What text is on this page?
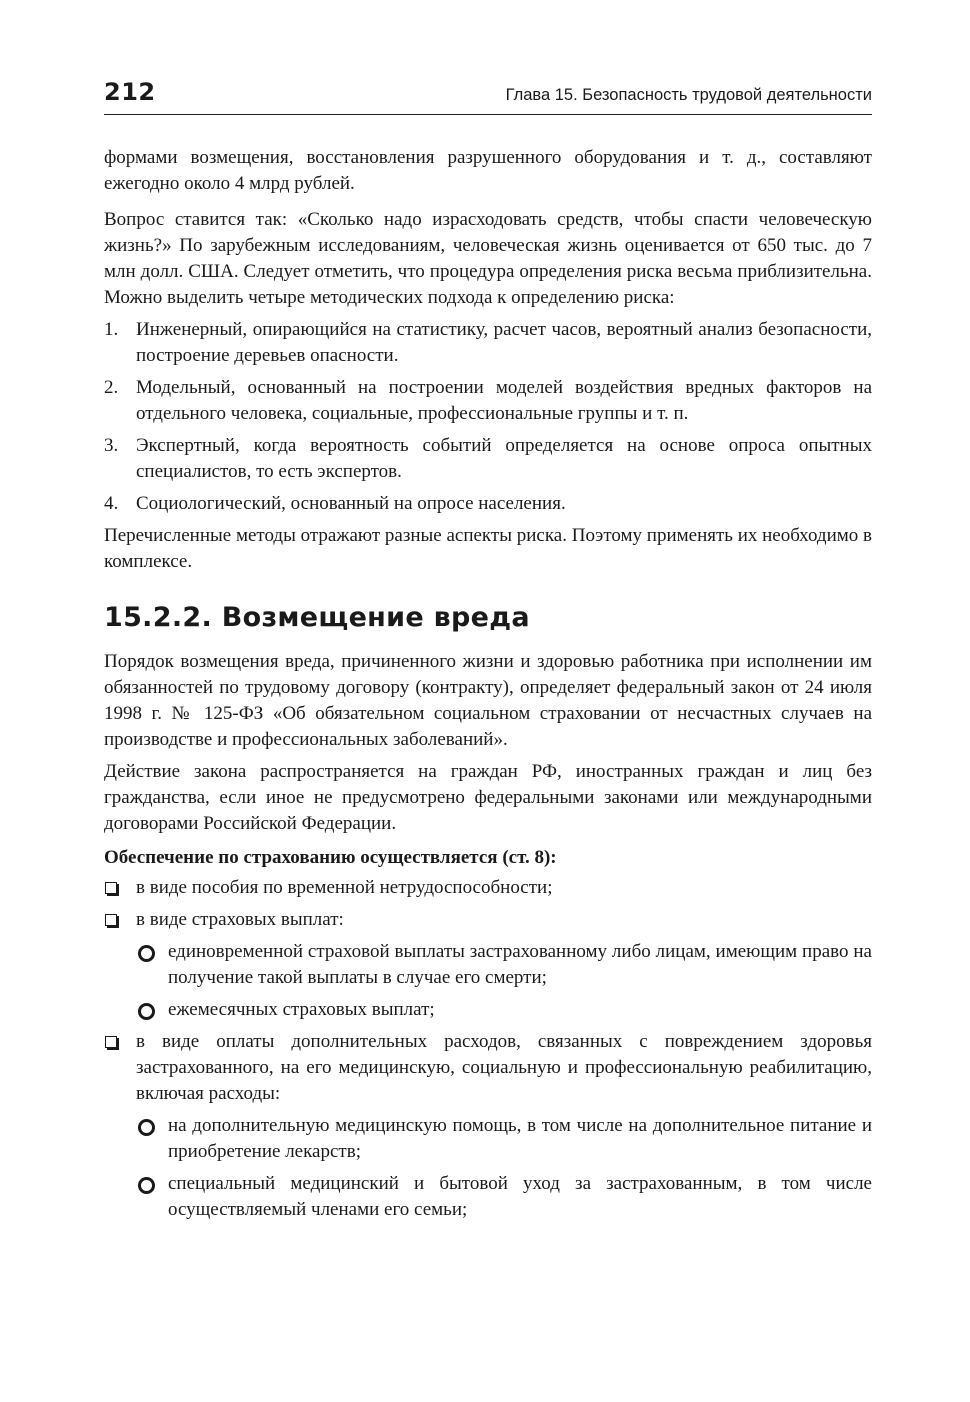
212	Глава 15. Безопасность трудовой деятельности

формами возмещения, восстановления разрушенного оборудования и т. д., составляют ежегодно около 4 млрд рублей.

Вопрос ставится так: «Сколько надо израсходовать средств, чтобы спасти человеческую жизнь?» По зарубежным исследованиям, человеческая жизнь оценивается от 650 тыс. до 7 млн долл. США. Следует отметить, что процедура определения риска весьма приблизительна. Можно выделить четыре методических подхода к определению риска:

1. Инженерный, опирающийся на статистику, расчет часов, вероятный анализ безопасности, построение деревьев опасности.
2. Модельный, основанный на построении моделей воздействия вредных факторов на отдельного человека, социальные, профессиональные группы и т. п.
3. Экспертный, когда вероятность событий определяется на основе опроса опытных специалистов, то есть экспертов.
4. Социологический, основанный на опросе населения.

Перечисленные методы отражают разные аспекты риска. Поэтому применять их необходимо в комплексе.

15.2.2. Возмещение вреда

Порядок возмещения вреда, причиненного жизни и здоровью работника при исполнении им обязанностей по трудовому договору (контракту), определяет федеральный закон от 24 июля 1998 г. № 125-ФЗ «Об обязательном социальном страховании от несчастных случаев на производстве и профессиональных заболеваний».

Действие закона распространяется на граждан РФ, иностранных граждан и лиц без гражданства, если иное не предусмотрено федеральными законами или международными договорами Российской Федерации.

Обеспечение по страхованию осуществляется (ст. 8):

в виде пособия по временной нетрудоспособности;
в виде страховых выплат:
единовременной страховой выплаты застрахованному либо лицам, имеющим право на получение такой выплаты в случае его смерти;
ежемесячных страховых выплат;
в виде оплаты дополнительных расходов, связанных с повреждением здоровья застрахованного, на его медицинскую, социальную и профессиональную реабилитацию, включая расходы:
на дополнительную медицинскую помощь, в том числе на дополнительное питание и приобретение лекарств;
специальный медицинский и бытовой уход за застрахованным, в том числе осуществляемый членами его семьи;
